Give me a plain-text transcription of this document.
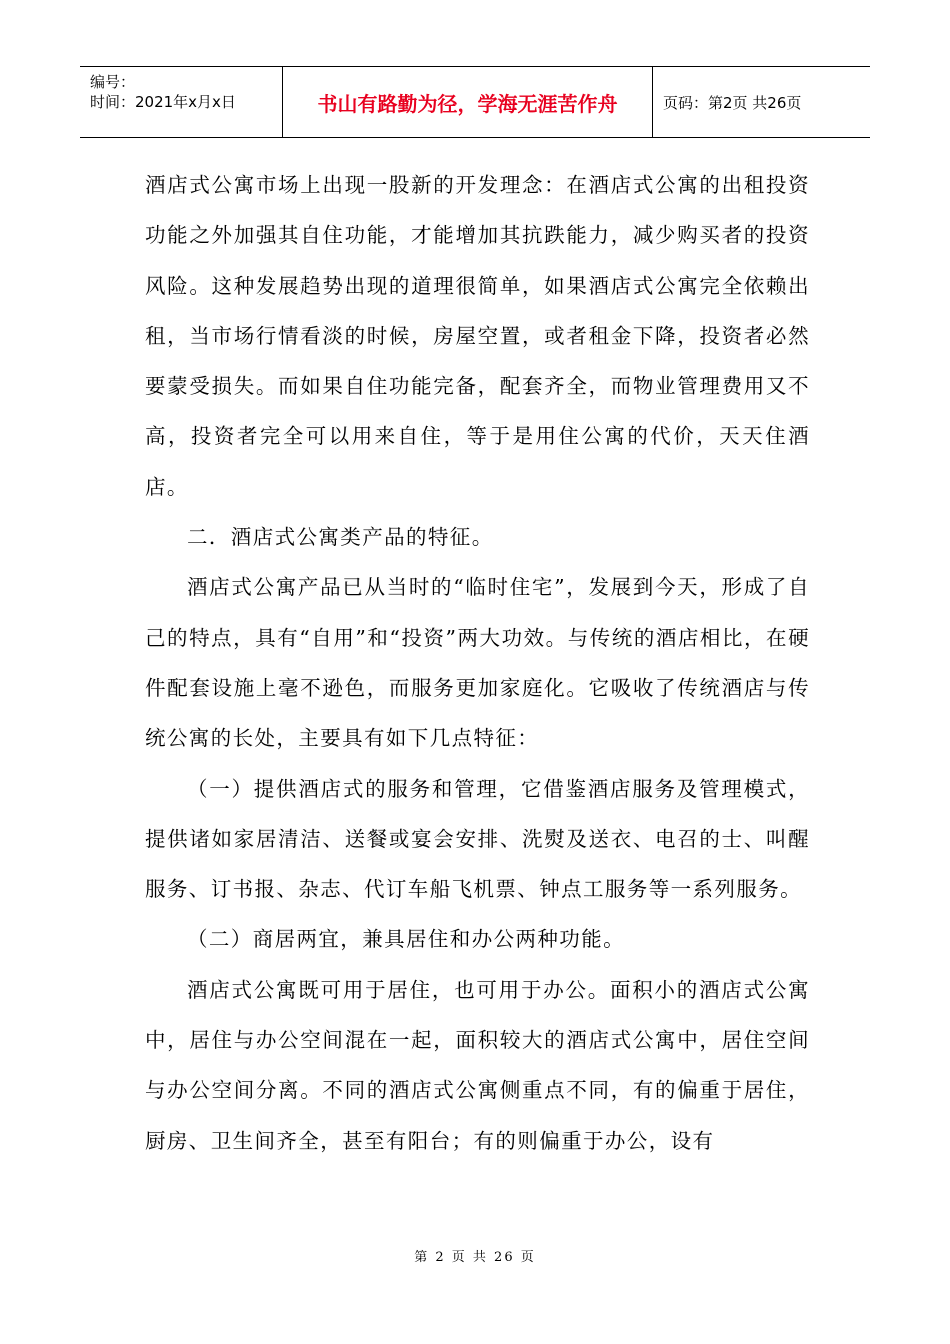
编号：
时间：2021年x月x日	书山有路勤为径，学海无涯苦作舟	页码：第2页 共26页

酒店式公寓市场上出现一股新的开发理念：在酒店式公寓的出租投资功能之外加强其自住功能，才能增加其抗跌能力，减少购买者的投资风险。这种发展趋势出现的道理很简单，如果酒店式公寓完全依赖出租，当市场行情看淡的时候，房屋空置，或者租金下降，投资者必然要蒙受损失。而如果自住功能完备，配套齐全，而物业管理费用又不高，投资者完全可以用来自住，等于是用住公寓的代价，天天住酒店。

二．酒店式公寓类产品的特征。

酒店式公寓产品已从当时的“临时住宅”，发展到今天，形成了自己的特点，具有“自用”和“投资”两大功效。与传统的酒店相比，在硬件配套设施上毫不逊色，而服务更加家庭化。它吸收了传统酒店与传统公寓的长处，主要具有如下几点特征：

（一）提供酒店式的服务和管理，它借鉴酒店服务及管理模式，提供诸如家居清洁、送餐或宴会安排、洗熨及送衣、电召的士、叫醒服务、订书报、杂志、代订车船飞机票、钟点工服务等一系列服务。

（二）商居两宜，兼具居住和办公两种功能。

酒店式公寓既可用于居住，也可用于办公。面积小的酒店式公寓中，居住与办公空间混在一起，面积较大的酒店式公寓中，居住空间与办公空间分离。不同的酒店式公寓侧重点不同，有的偏重于居住，厨房、卫生间齐全，甚至有阳台；有的则偏重于办公，设有

第 2 页 共 26 页
